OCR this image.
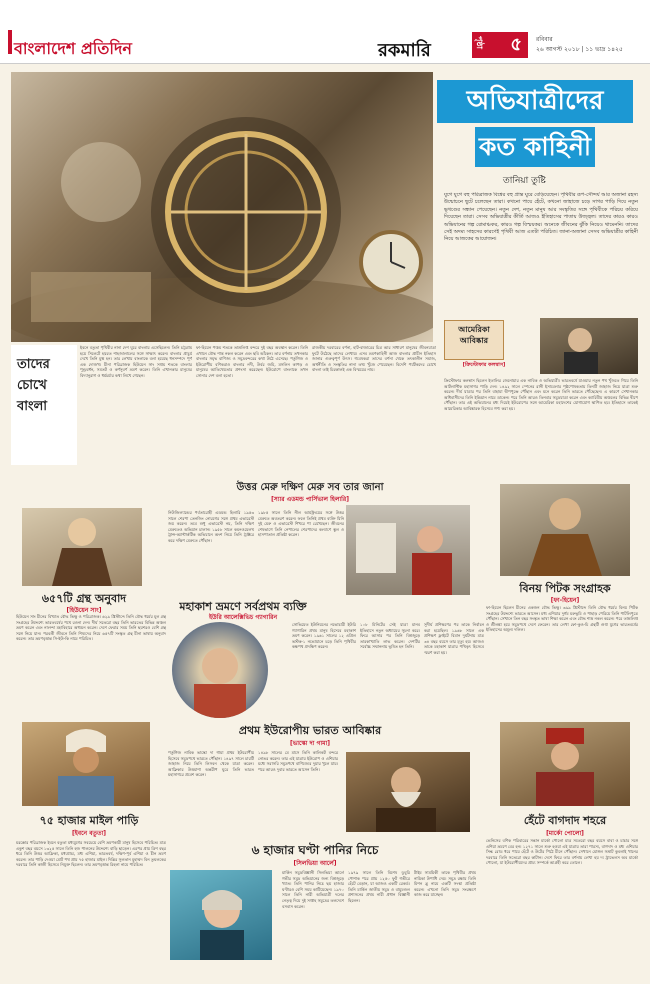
বাংলাদেশ প্রতিদিন	রকমারি	পৃষ্ঠা ৫	রবিবার
২৬ আগস্ট ২০১৮ | ১১ ভাদ্র ১৪২৫
অভিযাত্রীদের
কত কাহিনী
তানিয়া তুষ্টি
যুগে যুগে বহু পরিব্রাজক বিশ্বের বহু প্রান্ত ঘুরে বেড়িয়েছেন। পৃথিবীর রূপ-সৌন্দর্য আর অজানা রহস্য উন্মোচনে ছুটে চলেছেন তারা। কখনো পায়ে হেঁটে, কখনো জাহাজে চড়ে সাগর পাড়ি দিয়ে নতুন ভূখণ্ডের সন্ধান পেয়েছেন। নতুন দেশ, নতুন মানুষ আর সংস্কৃতির সঙ্গে পৃথিবীকে পরিচয় করিয়ে দিয়েছেন তারা। সেসব অভিযাত্রীর কীর্তি আজও ইতিহাসের পাতায় উজ্জ্বল। তাদের কারও কারও অভিযানের গল্প রোমাঞ্চকর, কারও গল্প বিস্ময়কর। অনেকে জীবনের ঝুঁকি নিয়েও থামেননি। তাদের সেই অদম্য সাহসের কারণেই পৃথিবী আজ এতটা পরিচিত। জানা-অজানা সেসব অভিযাত্রীর কাহিনী নিয়ে আজকের আয়োজন।
আমেরিকা আবিষ্কার
[ক্রিস্টোফার কলম্বাস]
ক্রিস্টোফার কলম্বাস ছিলেন ইতালির জেনোয়ার এক নাবিক ও অভিযাত্রী। ভারতবর্ষে যাওয়ার নতুন পথ খুঁজতে গিয়ে তিনি আটলান্টিক মহাসাগর পাড়ি দেন। ১৪৯২ সালে স্পেনের রানী ইসাবেলার পৃষ্ঠপোষকতায় তিনটি জাহাজ নিয়ে যাত্রা শুরু করেন। দীর্ঘ যাত্রার পর তিনি বাহামা দ্বীপপুঞ্জে পৌঁছান এবং মনে করেন তিনি ভারতে পৌঁছেছেন। এ কারণে সেখানকার অধিবাসীদের তিনি ইন্ডিয়ান নামে ডাকেন। পরে তিনি আরও তিনবার সমুদ্রযাত্রা করেন এবং ক্যারিবীয় অঞ্চলের বিভিন্ন দ্বীপে পৌঁছান। তার এই অভিযানের মধ্য দিয়েই ইউরোপের সঙ্গে আমেরিকা মহাদেশের যোগাযোগ স্থাপিত হয়। ইতিহাসে তাকেই আমেরিকার আবিষ্কারক হিসেবে গণ্য করা হয়।
তাদের
চোখে
বাংলা
ইবনে বতুতা পৃথিবীর নানা দেশ ঘুরে বাংলায় এসেছিলেন। তিনি চট্টগ্রাম হয়ে সিলেটে হযরত শাহজালালের সঙ্গে সাক্ষাৎ করেন। বাংলার প্রাচুর্য দেখে তিনি মুগ্ধ হন। তার লেখায় বাংলাকে বলা হয়েছে ধনসম্পদে পূর্ণ এক দোজখ। চীনা পরিব্রাজক হিউয়েন সাং সপ্তম শতকে বাংলার পুণ্ড্রবর্ধন, সমতট ও কর্ণসুবর্ণ ভ্রমণ করেন। তিনি এখানকার মানুষের বিদ্যানুরাগ ও ধর্মচর্চার কথা লিখে গেছেন।
ফা-হিয়েন পঞ্চম শতকে তাম্রলিপ্ত বন্দরে দুই বছর অবস্থান করেন। তিনি এখানে বৌদ্ধ শাস্ত্র নকল করেন এবং ছবি আঁকেন। তার বর্ণনায় তখনকার বাংলার সমৃদ্ধ বাণিজ্য ও সমুদ্রবন্দরের কথা উঠে এসেছে। পর্তুগিজ ও ইউরোপীয় বণিকরাও বাংলার নদী, উর্বর জমি, মসলিন কাপড় ও মানুষের আতিথেয়তার প্রশংসা করেছেন। ইউরোপে বাংলাকে তখন সোনার দেশ বলা হতো।
রাজকীয় দরবারের বর্ণনা, হাট-বাজারের চিত্র আর সাধারণ মানুষের জীবনযাত্রা ফুটে উঠেছে তাদের লেখায়। এসব ভ্রমণকাহিনী আজ বাংলার প্রাচীন ইতিহাস জানার গুরুত্বপূর্ণ উৎস। গবেষকরা তাদের বর্ণনা থেকে তৎকালীন সমাজ, অর্থনীতি ও সংস্কৃতির নানা তথ্য খুঁজে পেয়েছেন। বিদেশি পর্যটকদের চোখে বাংলা তাই চিরকালই এক বিস্ময়ের নাম।
উত্তর মেরু দক্ষিণ মেরু সব তার জানা
[স্যার এডমন্ড পার্সিভাল হিলারি]
নিউজিল্যান্ডের পর্বতারোহী এডমন্ড হিলারি ১৯৫৩ সালে শেরপা তেনজিং নোরগের সঙ্গে প্রথম এভারেস্ট জয় করেন। তবে শুধু এভারেস্ট নয়, তিনি দক্ষিণ মেরুতেও অভিযান চালান। ১৯৫৮ সালে কমনওয়েলথ ট্রান্স-অ্যান্টার্কটিক অভিযানে অংশ নিয়ে তিনি ট্রাক্টরে করে দক্ষিণ মেরুতে পৌঁছান।
১৯৮৫ সালে তিনি নীল আর্মস্ট্রংয়ের সঙ্গে উত্তর মেরুতে অবতরণ করেন। ফলে তিনিই প্রথম ব্যক্তি যিনি দুই মেরু ও এভারেস্ট শিখরে পা রেখেছেন। জীবনের শেষভাগে তিনি নেপালের শেরপাদের কল্যাণে স্কুল ও হাসপাতাল প্রতিষ্ঠা করেন।
৬৫৭টি গ্রন্থ অনুবাদ
[হিউয়েন সাং]
হিউয়েন সাং চীনের বিখ্যাত বৌদ্ধ ভিক্ষু ও পরিব্রাজক। ৬২৯ খ্রিস্টাব্দে তিনি বৌদ্ধ ধর্মের মূল গ্রন্থ সংগ্রহের উদ্দেশ্যে ভারতবর্ষের পথে রওনা দেন। দীর্ঘ সতেরো বছর তিনি ভারতের বিভিন্ন অঞ্চল ভ্রমণ করেন এবং নালন্দা মহাবিহারে অধ্যয়ন করেন। দেশে ফেরার সময় তিনি ছয়শরও বেশি গ্রন্থ সঙ্গে নিয়ে যান। পরবর্তী জীবনে তিনি শিষ্যদের নিয়ে ৬৫৭টি সংস্কৃত গ্রন্থ চীনা ভাষায় অনুবাদ করেন। তার ভ্রমণবৃত্তান্ত সি-ইউ-কি নামে পরিচিত।
বিনয় পিটক সংগ্রাহক
[ফা-হিয়েন]
ফা-হিয়েন ছিলেন চীনের একজন বৌদ্ধ ভিক্ষু। ৩৯৯ খ্রিস্টাব্দে তিনি বৌদ্ধ ধর্মের বিনয় পিটক সংগ্রহের উদ্দেশ্যে ভারতে আসেন। মধ্য এশিয়ার দুর্গম মরুভূমি ও পাহাড় পেরিয়ে তিনি পাটলিপুত্রে পৌঁছান। সেখানে তিন বছর সংস্কৃত ভাষা শিক্ষা করেন এবং বৌদ্ধ শাস্ত্র নকল করেন। পরে তাম্রলিপ্ত ও শ্রীলঙ্কা হয়ে সমুদ্রপথে দেশে ফেরেন। তার লেখা ফো-কুও-চি গ্রন্থটি গুপ্ত যুগের ভারতবর্ষের ইতিহাসের অমূল্য দলিল।
মহাকাশ ভ্রমণে সর্বপ্রথম ব্যক্তি
ইউরি আলেক্সিভিচ গ্যাগারিন
সোভিয়েত ইউনিয়নের নভোচারী ইউরি গ্যাগারিন প্রথম মানুষ হিসেবে মহাকাশ ভ্রমণ করেন। ১৯৬১ সালের ১২ এপ্রিল ভস্টক-১ নভোযানে চড়ে তিনি পৃথিবীর কক্ষপথ প্রদক্ষিণ করেন।
১০৮ মিনিটের সেই যাত্রা মানব ইতিহাসে নতুন অধ্যায়ের সূচনা করে। ফিরে আসার পর তিনি বিশ্বজুড়ে তারকাখ্যাতি লাভ করেন। দেশটির সর্বোচ্চ সম্মাননায় ভূষিত হন তিনি।
সুদীর্ঘ প্রশিক্ষণের পর তাকে নির্বাচন করা হয়েছিল। ১৯৬৮ সালে এক প্রশিক্ষণ ফ্লাইটে বিমান দুর্ঘটনায় মাত্র ৩৪ বছর বয়সে তার মৃত্যু হয়। আজও তাকে মহাকাশ যাত্রার পথিকৃৎ হিসেবে স্মরণ করা হয়।
প্রথম ইউরোপীয় ভারত আবিষ্কার
[ভাস্কো দা গামা]
পর্তুগিজ নাবিক ভাস্কো দা গামা প্রথম ইউরোপীয় হিসেবে সমুদ্রপথে ভারতে পৌঁছান। ১৪৯৭ সালে চারটি জাহাজ নিয়ে তিনি লিসবন থেকে যাত্রা করেন। আফ্রিকার উত্তমাশা অন্তরীপ ঘুরে তিনি ভারত মহাসাগরে প্রবেশ করেন।
১৪৯৮ সালের মে মাসে তিনি কালিকট বন্দরে নোঙর করেন। তার এই যাত্রায় ইউরোপ ও এশিয়ার মধ্যে সরাসরি সমুদ্রপথে বাণিজ্যের দুয়ার খুলে যায়। পরে আরও দুবার ভারতে আসেন তিনি।
৭৫ হাজার মাইল পাড়ি
[ইবনে বতুতা]
মরক্কোর পরিব্রাজক ইবনে বতুতা মধ্যযুগের সবচেয়ে বেশি ভ্রমণকারী মানুষ হিসেবে পরিচিত। মাত্র একুশ বছর বয়সে ১৩২৫ সালে তিনি হজ পালনের উদ্দেশ্যে বাড়ি ছাড়েন। এরপর প্রায় ত্রিশ বছর ধরে তিনি উত্তর আফ্রিকা, মধ্যপ্রাচ্য, মধ্য এশিয়া, ভারতবর্ষ, দক্ষিণ-পূর্ব এশিয়া ও চীন ভ্রমণ করেন। তার পাড়ি দেওয়া মোট পথ প্রায় ৭৫ হাজার মাইল। দিল্লির সুলতান মুহাম্মদ বিন তুঘলকের দরবারে তিনি কাজী হিসেবে নিযুক্ত ছিলেন। তার ভ্রমণবৃত্তান্ত রিহলা নামে পরিচিত।
হেঁটে বাগদাদ শহরে
[মার্কো পোলো]
ভেনিসের বণিক পরিবারের সন্তান মার্কো পোলো মাত্র সতেরো বছর বয়সে বাবা ও চাচার সঙ্গে এশিয়া ভ্রমণে বের হন। ১২৭১ সালে শুরু হওয়া এই যাত্রায় তারা পারস্য, বাগদাদ ও মধ্য এশিয়ার সিল্ক রোড ধরে পায়ে হেঁটে ও উটের পিঠে চীনে পৌঁছান। সেখানে মোঙ্গল সম্রাট কুবলাই খানের দরবারে তিনি সতেরো বছর কাটান। দেশে ফিরে তার বর্ণনায় লেখা হয় দ্য ট্রাভেলস অব মার্কো পোলো, যা ইউরোপীয়দের প্রাচ্য সম্পর্কে আগ্রহী করে তোলে।
৬ হাজার ঘণ্টা পানির নিচে
[সিলভিয়া আর্লে]
মার্কিন সমুদ্রবিজ্ঞানী সিলভিয়া আর্লে গভীর সমুদ্র অভিযানের জন্য বিশ্বজুড়ে খ্যাত। তিনি পানির নিচে ছয় হাজার ঘণ্টারও বেশি সময় কাটিয়েছেন। ১৯৭০ সালে তিনি নারী অভিযাত্রী দলের নেতৃত্ব দিয়ে দুই সপ্তাহ সমুদ্রের তলদেশে বসবাস করেন।
১৯৭৯ সালে তিনি বিশেষ ডুবুরি পোশাক পরে প্রায় ১২৫০ ফুট গভীরে হেঁটে বেড়ান, যা আজও একটি রেকর্ড। তিনি মার্কিন জাতীয় সমুদ্র ও বায়ুমণ্ডল প্রশাসনের প্রথম নারী প্রধান বিজ্ঞানী ছিলেন।
টাইম সাময়িকী তাকে পৃথিবীর প্রথম নায়িকা উপাধি দেয়। সমুদ্র রক্ষায় তিনি মিশন ব্লু নামে একটি সংস্থা প্রতিষ্ঠা করেন। এখনো তিনি সমুদ্র সংরক্ষণে কাজ করে যাচ্ছেন।
